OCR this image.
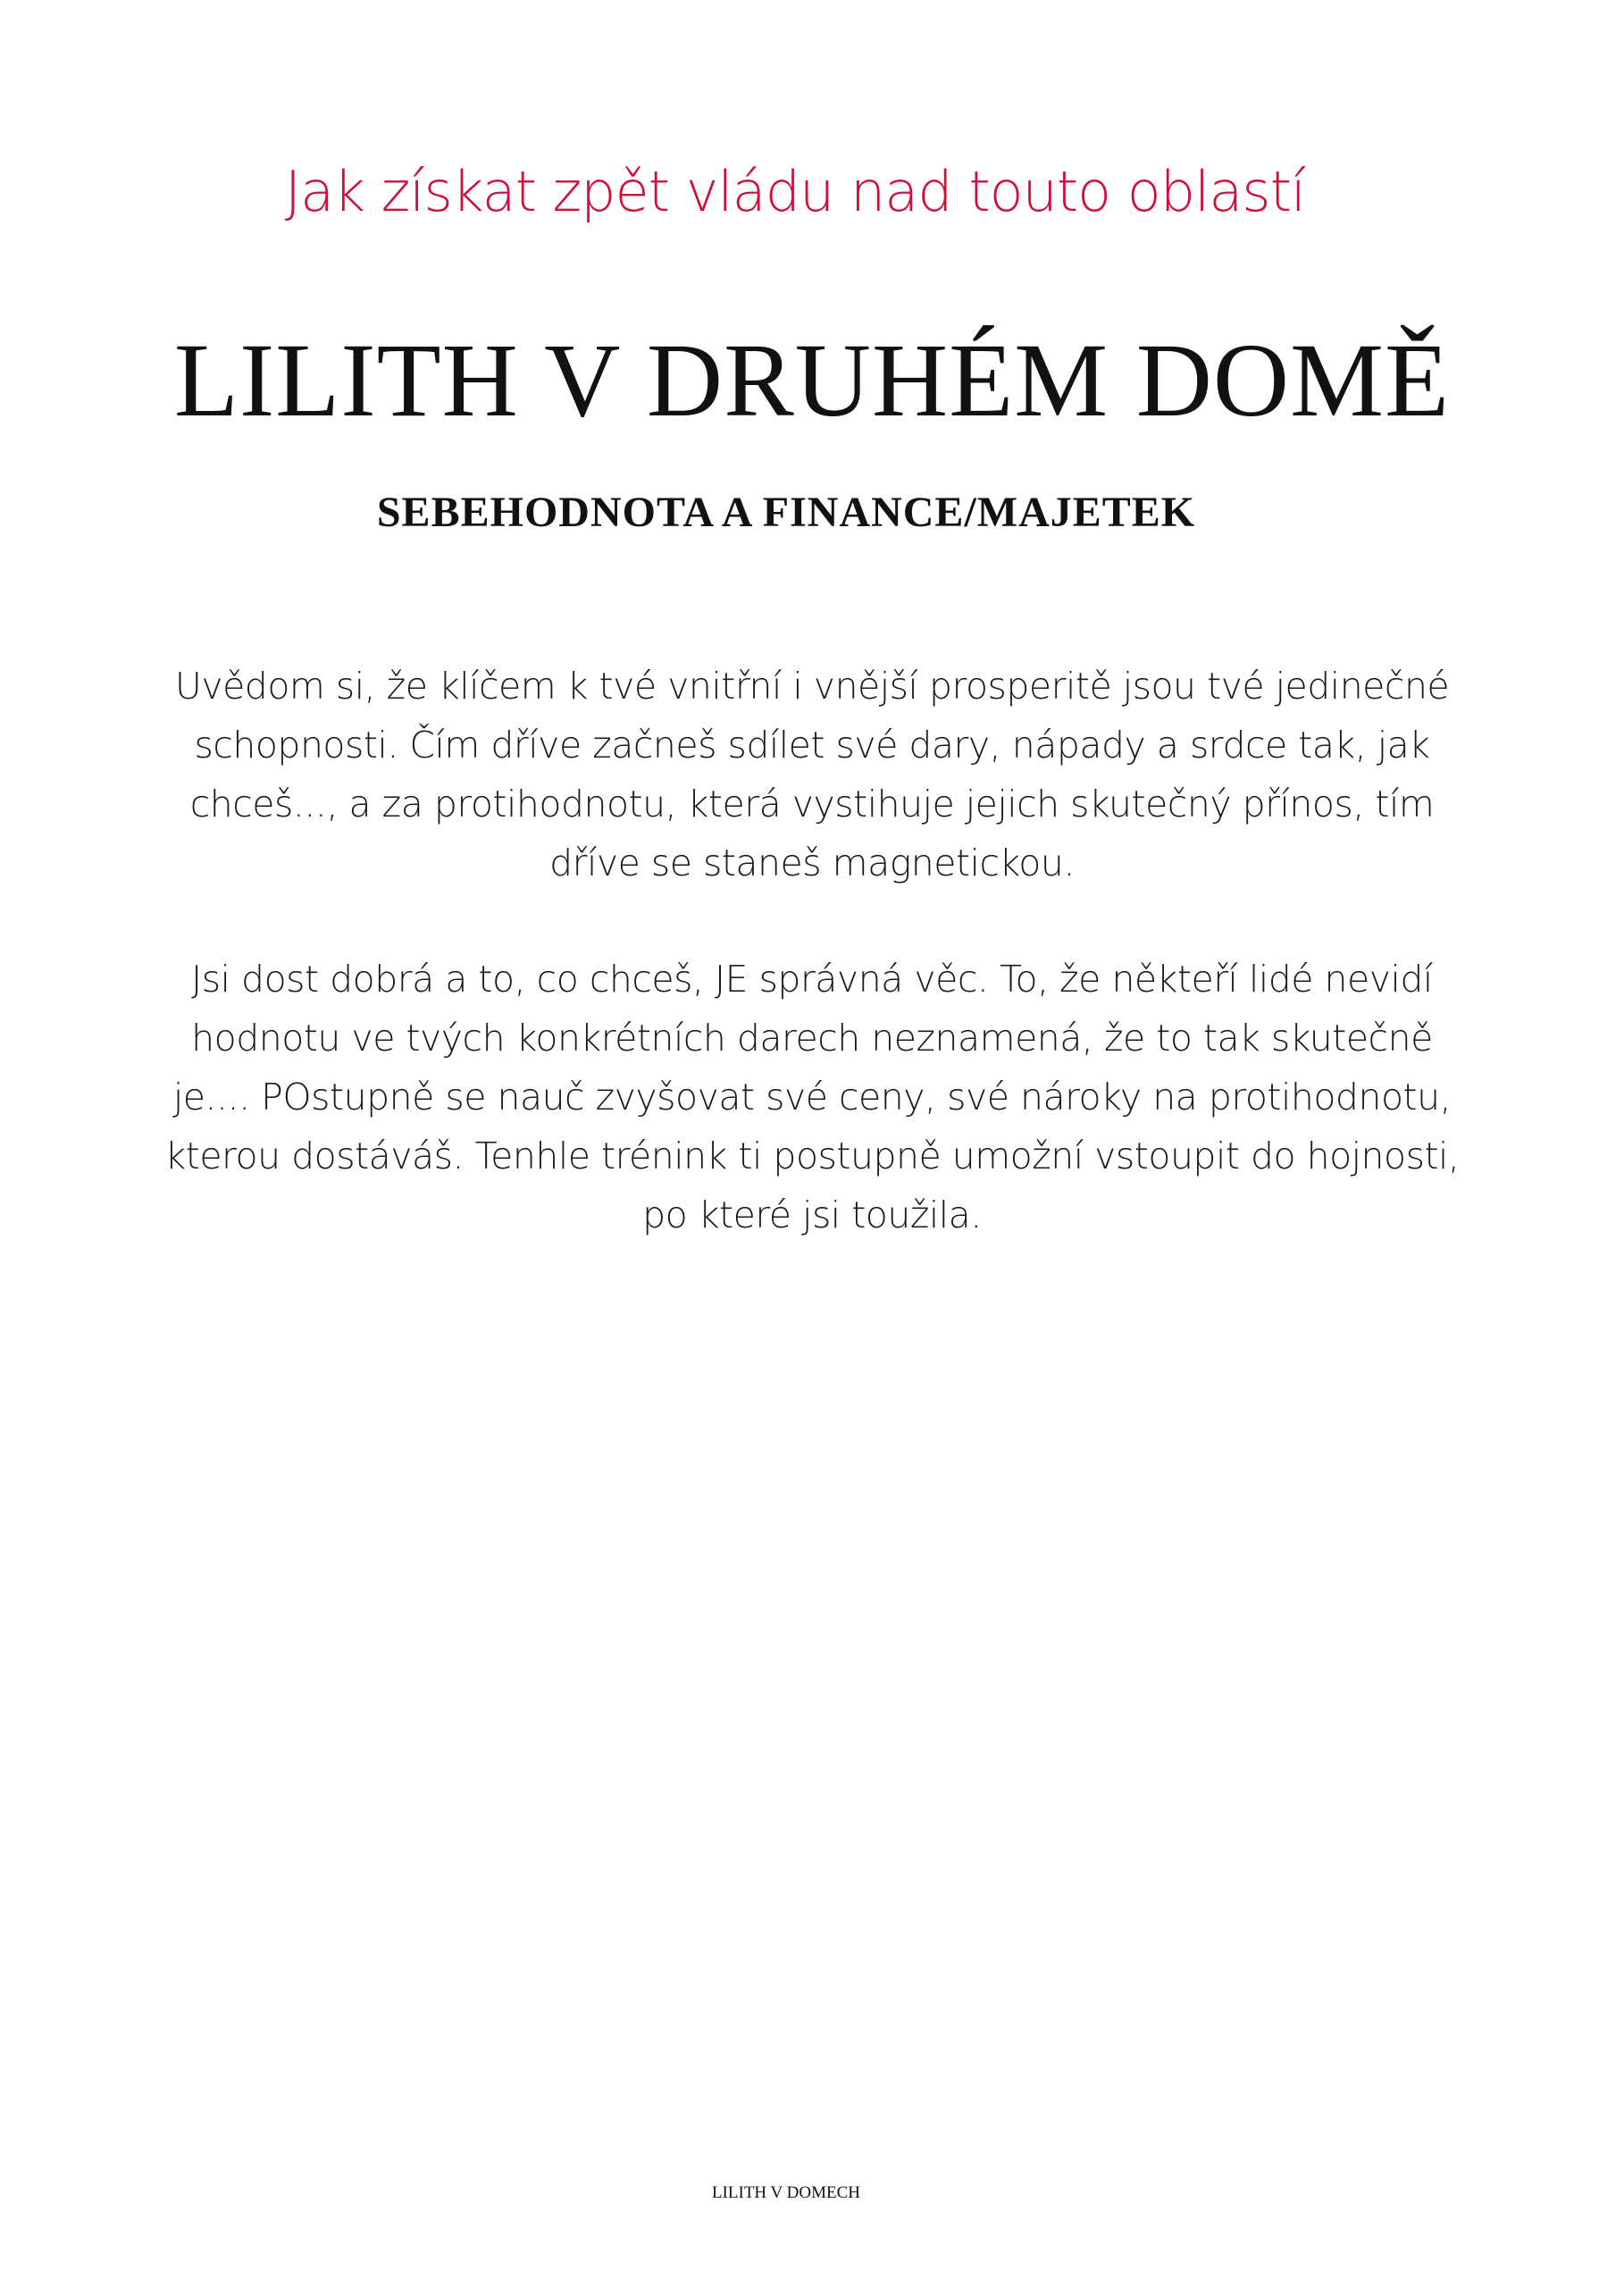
Jak získat zpět vládu nad touto oblastí

LILITH V DRUHÉM DOMĚ
SEBEHODNOTA A FINANCE/MAJETEK

Uvědom si, že klíčem k tvé vnitřní i vnější prosperitě jsou tvé jedinečné schopnosti. Čím dříve začneš sdílet své dary, nápady a srdce tak, jak chceš..., a za protihodnotu, která vystihuje jejich skutečný přínos, tím dříve se staneš magnetickou.

Jsi dost dobrá a to, co chceš, JE správná věc. To, že někteří lidé nevidí hodnotu ve tvých konkrétních darech neznamená, že to tak skutečně je.... POstupně se nauč zvyšovat své ceny, své nároky na protihodnotu, kterou dostáváš. Tenhle trénink ti postupně umožní vstoupit do hojnosti, po které jsi toužila.

LILITH V DOMECH
